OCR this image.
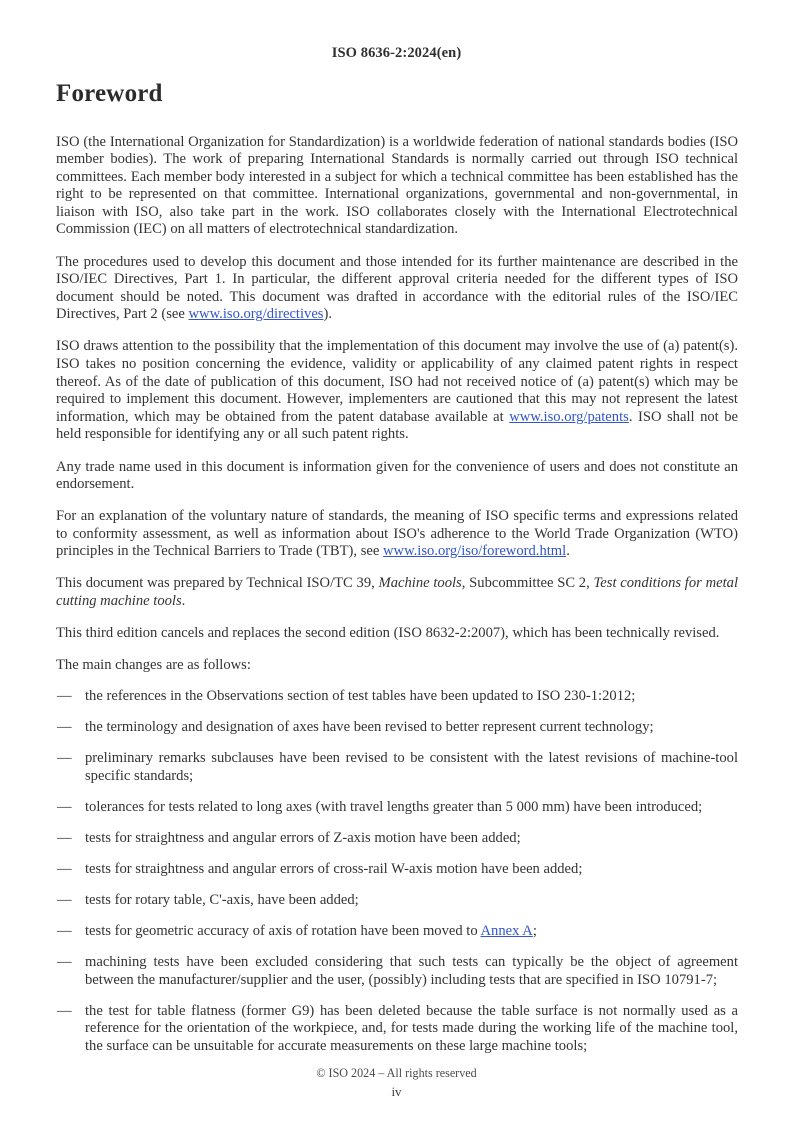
ISO 8636-2:2024(en)
Foreword

ISO (the International Organization for Standardization) is a worldwide federation of national standards bodies (ISO member bodies). The work of preparing International Standards is normally carried out through ISO technical committees. Each member body interested in a subject for which a technical committee has been established has the right to be represented on that committee. International organizations, governmental and non-governmental, in liaison with ISO, also take part in the work. ISO collaborates closely with the International Electrotechnical Commission (IEC) on all matters of electrotechnical standardization.

The procedures used to develop this document and those intended for its further maintenance are described in the ISO/IEC Directives, Part 1. In particular, the different approval criteria needed for the different types of ISO document should be noted. This document was drafted in accordance with the editorial rules of the ISO/IEC Directives, Part 2 (see www.iso.org/directives).

ISO draws attention to the possibility that the implementation of this document may involve the use of (a) patent(s). ISO takes no position concerning the evidence, validity or applicability of any claimed patent rights in respect thereof. As of the date of publication of this document, ISO had not received notice of (a) patent(s) which may be required to implement this document. However, implementers are cautioned that this may not represent the latest information, which may be obtained from the patent database available at www.iso.org/patents. ISO shall not be held responsible for identifying any or all such patent rights.

Any trade name used in this document is information given for the convenience of users and does not constitute an endorsement.

For an explanation of the voluntary nature of standards, the meaning of ISO specific terms and expressions related to conformity assessment, as well as information about ISO's adherence to the World Trade Organization (WTO) principles in the Technical Barriers to Trade (TBT), see www.iso.org/iso/foreword.html.

This document was prepared by Technical ISO/TC 39, Machine tools, Subcommittee SC 2, Test conditions for metal cutting machine tools.

This third edition cancels and replaces the second edition (ISO 8632-2:2007), which has been technically revised.

The main changes are as follows:

— the references in the Observations section of test tables have been updated to ISO 230-1:2012;
— the terminology and designation of axes have been revised to better represent current technology;
— preliminary remarks subclauses have been revised to be consistent with the latest revisions of machine-tool specific standards;
— tolerances for tests related to long axes (with travel lengths greater than 5 000 mm) have been introduced;
— tests for straightness and angular errors of Z-axis motion have been added;
— tests for straightness and angular errors of cross-rail W-axis motion have been added;
— tests for rotary table, C'-axis, have been added;
— tests for geometric accuracy of axis of rotation have been moved to Annex A;
— machining tests have been excluded considering that such tests can typically be the object of agreement between the manufacturer/supplier and the user, (possibly) including tests that are specified in ISO 10791-7;
— the test for table flatness (former G9) has been deleted because the table surface is not normally used as a reference for the orientation of the workpiece, and, for tests made during the working life of the machine tool, the surface can be unsuitable for accurate measurements on these large machine tools;
© ISO 2024 – All rights reserved
iv
